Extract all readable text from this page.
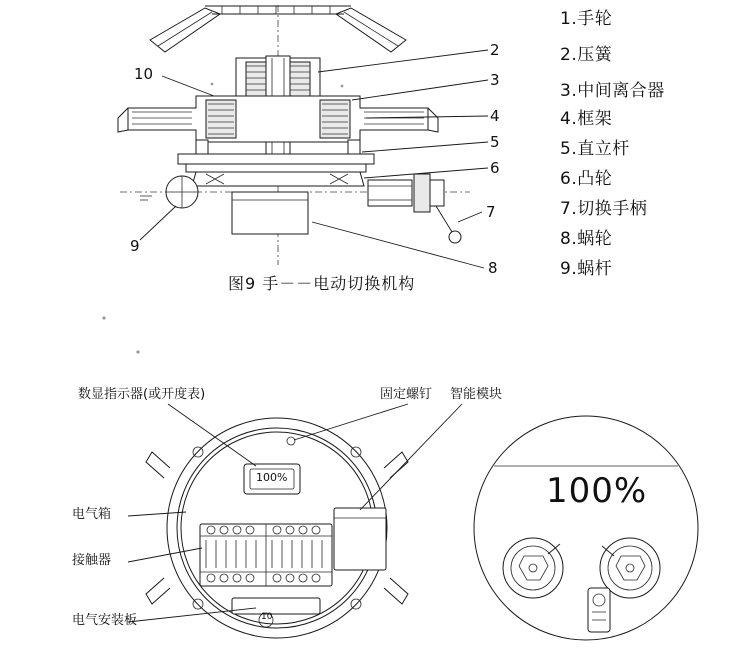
10
2
3
4
5
6
7
8
9
图9 手－－电动切换机构
1.手轮
2.压簧
3.中间离合器
4.框架
5.直立杆
6.凸轮
7.切换手柄
8.蜗轮
9.蜗杆
数显指示器(或开度表)	固定螺钉 智能模块
电气箱
接触器
电气安装板
100%	100%
10
